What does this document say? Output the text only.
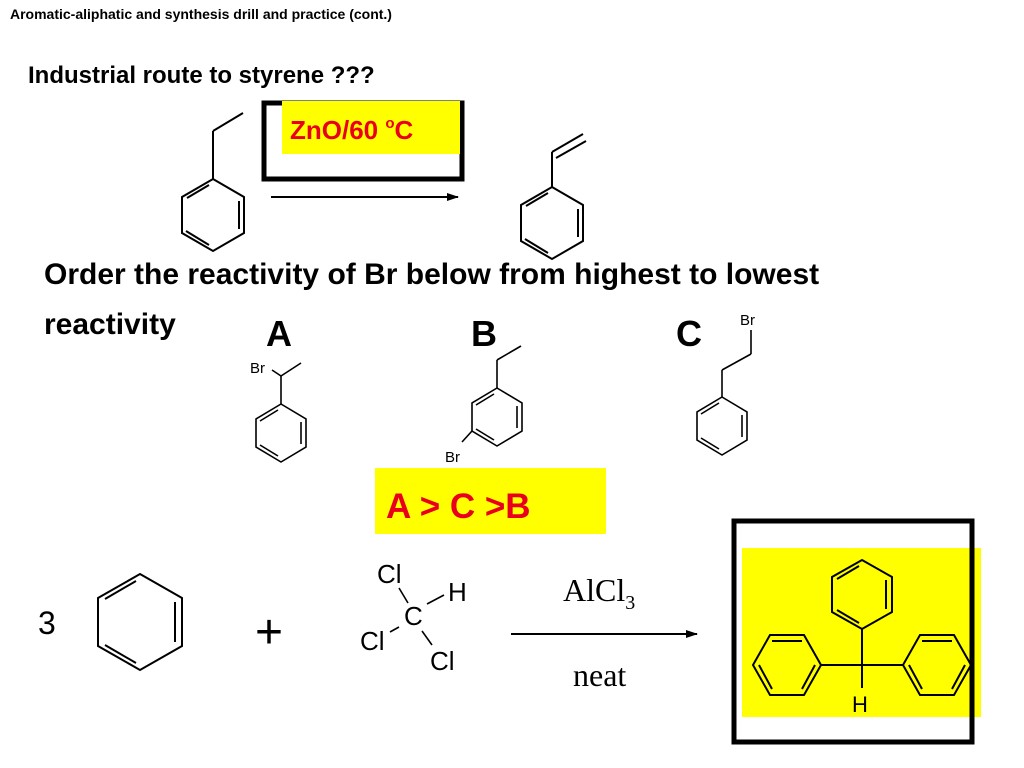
Aromatic-aliphatic and synthesis drill and practice (cont.)
Industrial route to styrene ???
Order the reactivity of Br below from highest to lowest
reactivity	A	B	C
ZnO/60 $^o$C
Br
Br
Br
A > C >B
3	+
Cl
H
C
Cl
Cl
AlCl$_3$
neat
H
